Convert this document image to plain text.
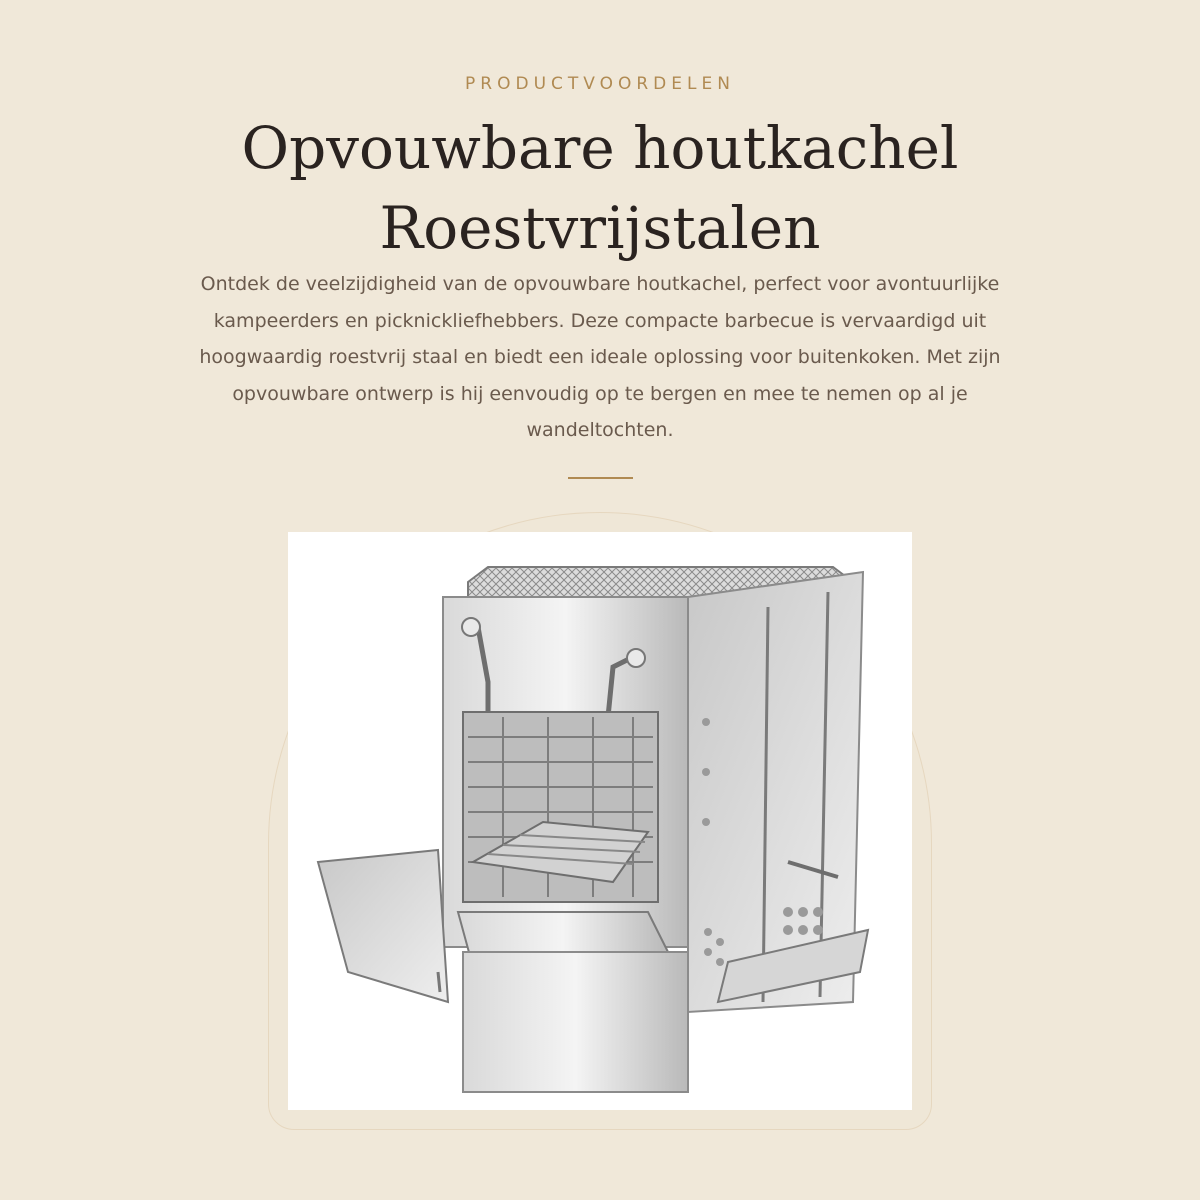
PRODUCTVOORDELEN
Opvouwbare houtkachel
Roestvrijstalen

Ontdek de veelzijdigheid van de opvouwbare houtkachel, perfect voor avontuurlijke kampeerders en picknickliefhebbers. Deze compacte barbecue is vervaardigd uit hoogwaardig roestvrij staal en biedt een ideale oplossing voor buitenkoken. Met zijn opvouwbare ontwerp is hij eenvoudig op te bergen en mee te nemen op al je wandeltochten.
